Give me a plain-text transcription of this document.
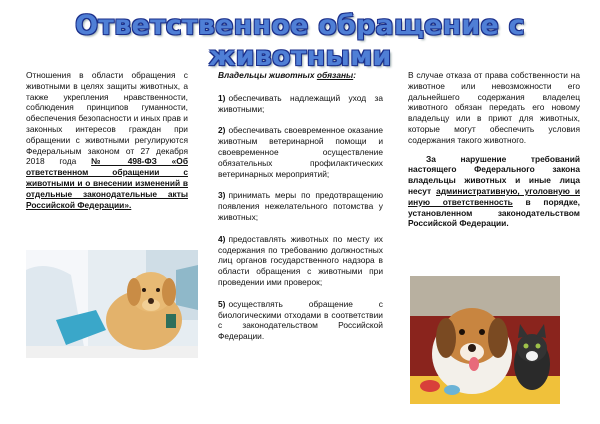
Ответственное обращение с животными

Отношения в области обращения с животными в целях защиты животных, а также укрепления нравственности, соблюдения принципов гуманности, обеспечения безопасности и иных прав и законных интересов граждан при обращении с животными регулируются Федеральным законом от 27 декабря 2018 года № 498-ФЗ «Об ответственном обращении с животными и о внесении изменений в отдельные законодательные акты Российской Федерации».

Владельцы животных обязаны:

1) обеспечивать надлежащий уход за животными;

2) обеспечивать своевременное оказание животным ветеринарной помощи и своевременное осуществление обязательных профилактических ветеринарных мероприятий;

3) принимать меры по предотвращению появления нежелательного потомства у животных;

4) предоставлять животных по месту их содержания по требованию должностных лиц органов государственного надзора в области обращения с животными при проведении ими проверок;

5) осуществлять обращение с биологическими отходами в соответствии с законодательством Российской Федерации.

В случае отказа от права собственности на животное или невозможности его дальнейшего содержания владелец животного обязан передать его новому владельцу или в приют для животных, которые могут обеспечить условия содержания такого животного.

За нарушение требований настоящего Федерального закона владельцы животных и иные лица несут административную, уголовную и иную ответственность в порядке, установленном законодательством Российской Федерации.
